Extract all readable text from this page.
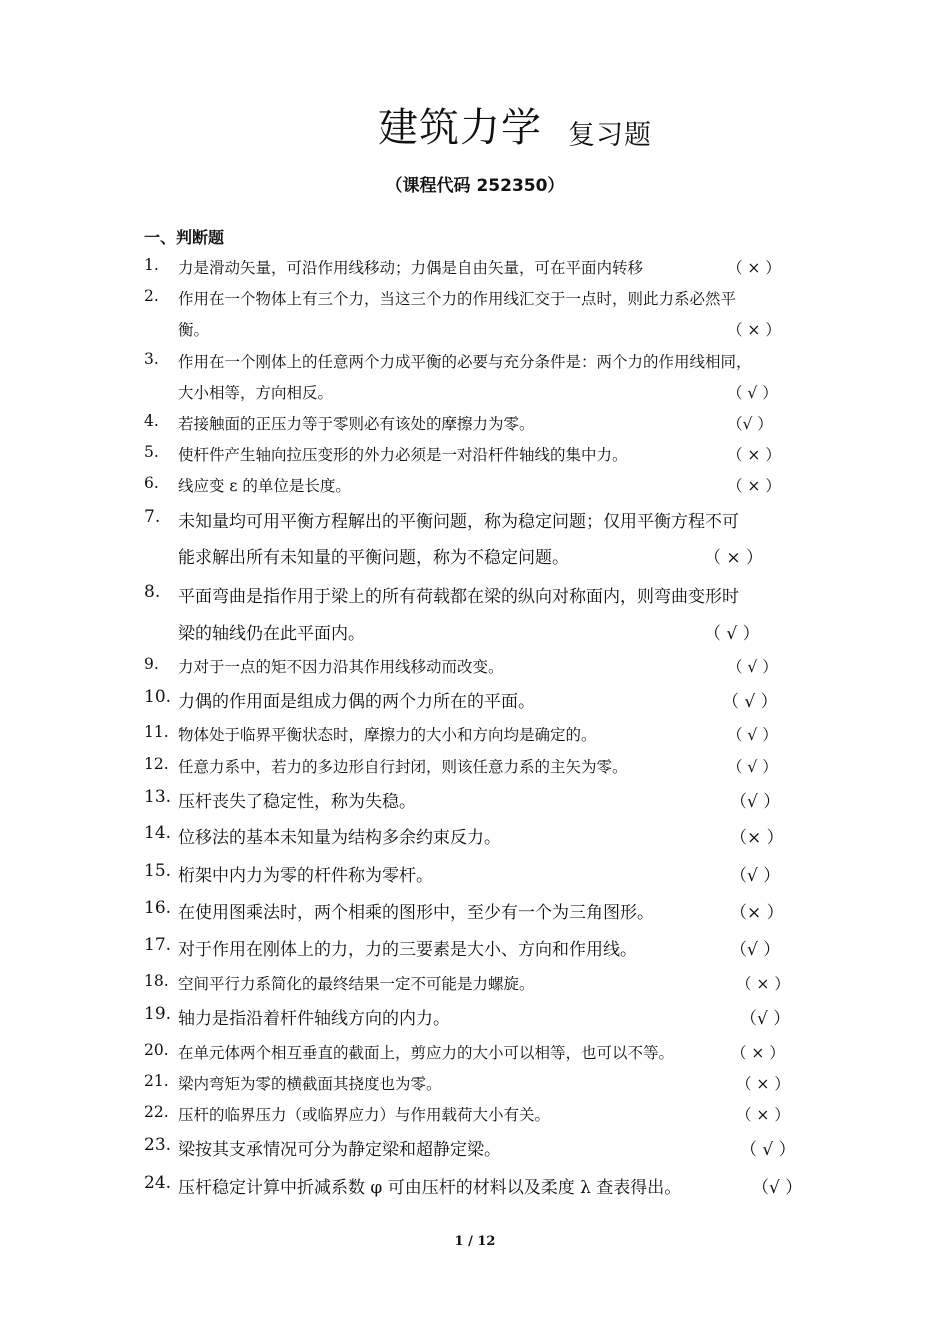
建筑力学 复习题
（课程代码 252350）
一、判断题
1. 力是滑动矢量，可沿作用线移动；力偶是自由矢量，可在平面内转移	（ × ）
2. 作用在一个物体上有三个力，当这三个力的作用线汇交于一点时，则此力系必然平
衡。	（ × ）
3. 作用在一个刚体上的任意两个力成平衡的必要与充分条件是：两个力的作用线相同，
大小相等，方向相反。	（ √ ）
4. 若接触面的正压力等于零则必有该处的摩擦力为零。	（√ ）
5. 使杆件产生轴向拉压变形的外力必须是一对沿杆件轴线的集中力。	（ × ）
6. 线应变 ε 的单位是长度。	（ × ）
7. 未知量均可用平衡方程解出的平衡问题，称为稳定问题；仅用平衡方程不可
能求解出所有未知量的平衡问题，称为不稳定问题。	（ × ）
8. 平面弯曲是指作用于梁上的所有荷载都在梁的纵向对称面内，则弯曲变形时
梁的轴线仍在此平面内。	（ √ ）
9. 力对于一点的矩不因力沿其作用线移动而改变。	（ √ ）
10. 力偶的作用面是组成力偶的两个力所在的平面。	（ √ ）
11. 物体处于临界平衡状态时，摩擦力的大小和方向均是确定的。	（ √ ）
12. 任意力系中，若力的多边形自行封闭，则该任意力系的主矢为零。	（ √ ）
13. 压杆丧失了稳定性，称为失稳。	（√ ）
14. 位移法的基本未知量为结构多余约束反力。	（× ）
15. 桁架中内力为零的杆件称为零杆。	（√ ）
16. 在使用图乘法时，两个相乘的图形中，至少有一个为三角图形。	（× ）
17. 对于作用在刚体上的力，力的三要素是大小、方向和作用线。	（√ ）
18. 空间平行力系简化的最终结果一定不可能是力螺旋。	（ × ）
19. 轴力是指沿着杆件轴线方向的内力。	（√ ）
20. 在单元体两个相互垂直的截面上，剪应力的大小可以相等，也可以不等。	（ × ）
21. 梁内弯矩为零的横截面其挠度也为零。	（ × ）
22. 压杆的临界压力（或临界应力）与作用载荷大小有关。	（ × ）
23. 梁按其支承情况可分为静定梁和超静定梁。	（ √ ）
24. 压杆稳定计算中折减系数 φ 可由压杆的材料以及柔度 λ 查表得出。	（√ ）
1 / 12
